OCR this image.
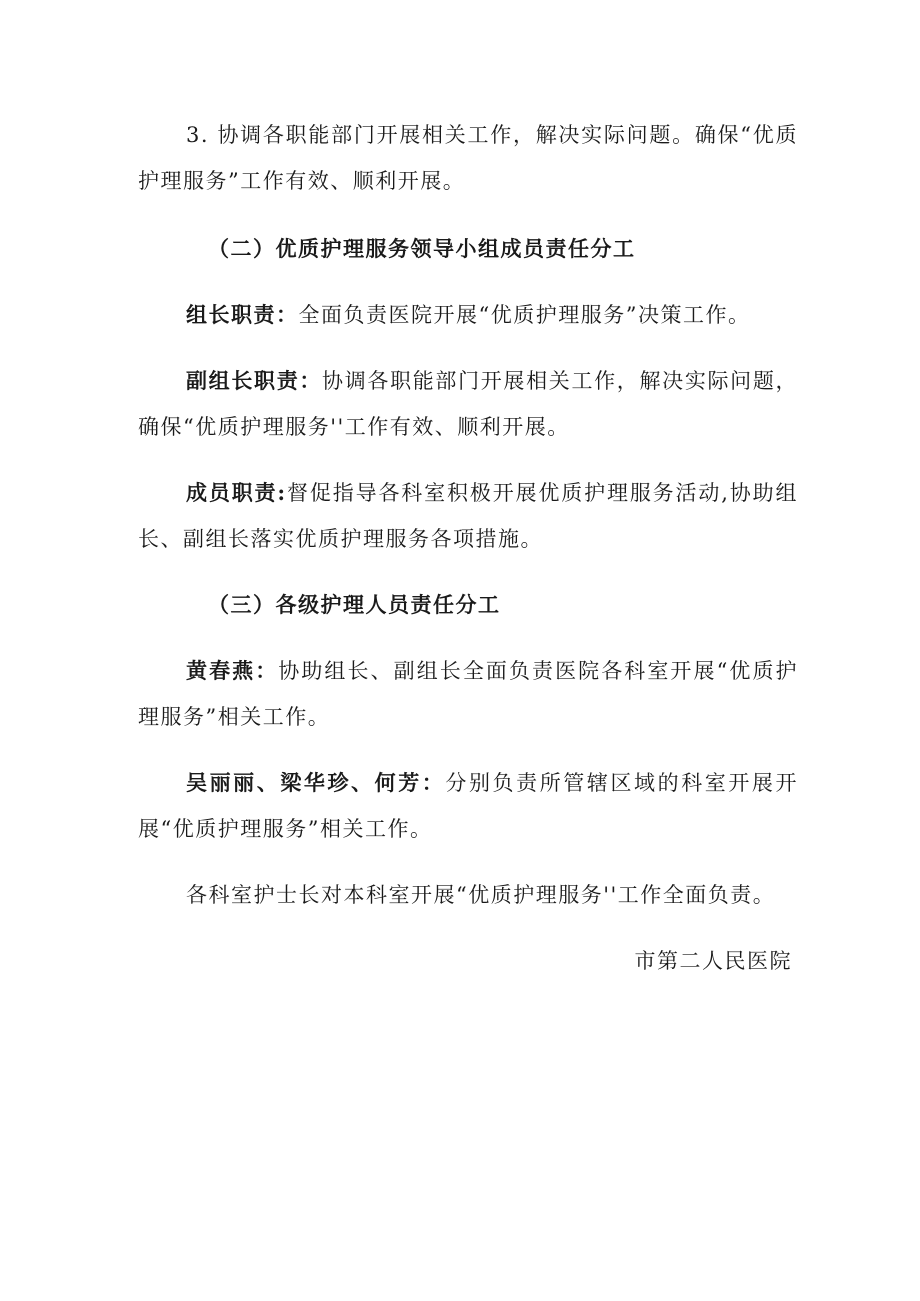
3. 协调各职能部门开展相关工作，解决实际问题。确保“优质护理服务”工作有效、顺利开展。

（二）优质护理服务领导小组成员责任分工

组长职责：全面负责医院开展“优质护理服务”决策工作。

副组长职责：协调各职能部门开展相关工作，解决实际问题，确保“优质护理服务''工作有效、顺利开展。

成员职责:督促指导各科室积极开展优质护理服务活动,协助组长、副组长落实优质护理服务各项措施。

（三）各级护理人员责任分工

黄春燕：协助组长、副组长全面负责医院各科室开展“优质护理服务”相关工作。

吴丽丽、梁华珍、何芳：分别负责所管辖区域的科室开展开展“优质护理服务”相关工作。

各科室护士长对本科室开展“优质护理服务''工作全面负责。

市第二人民医院
